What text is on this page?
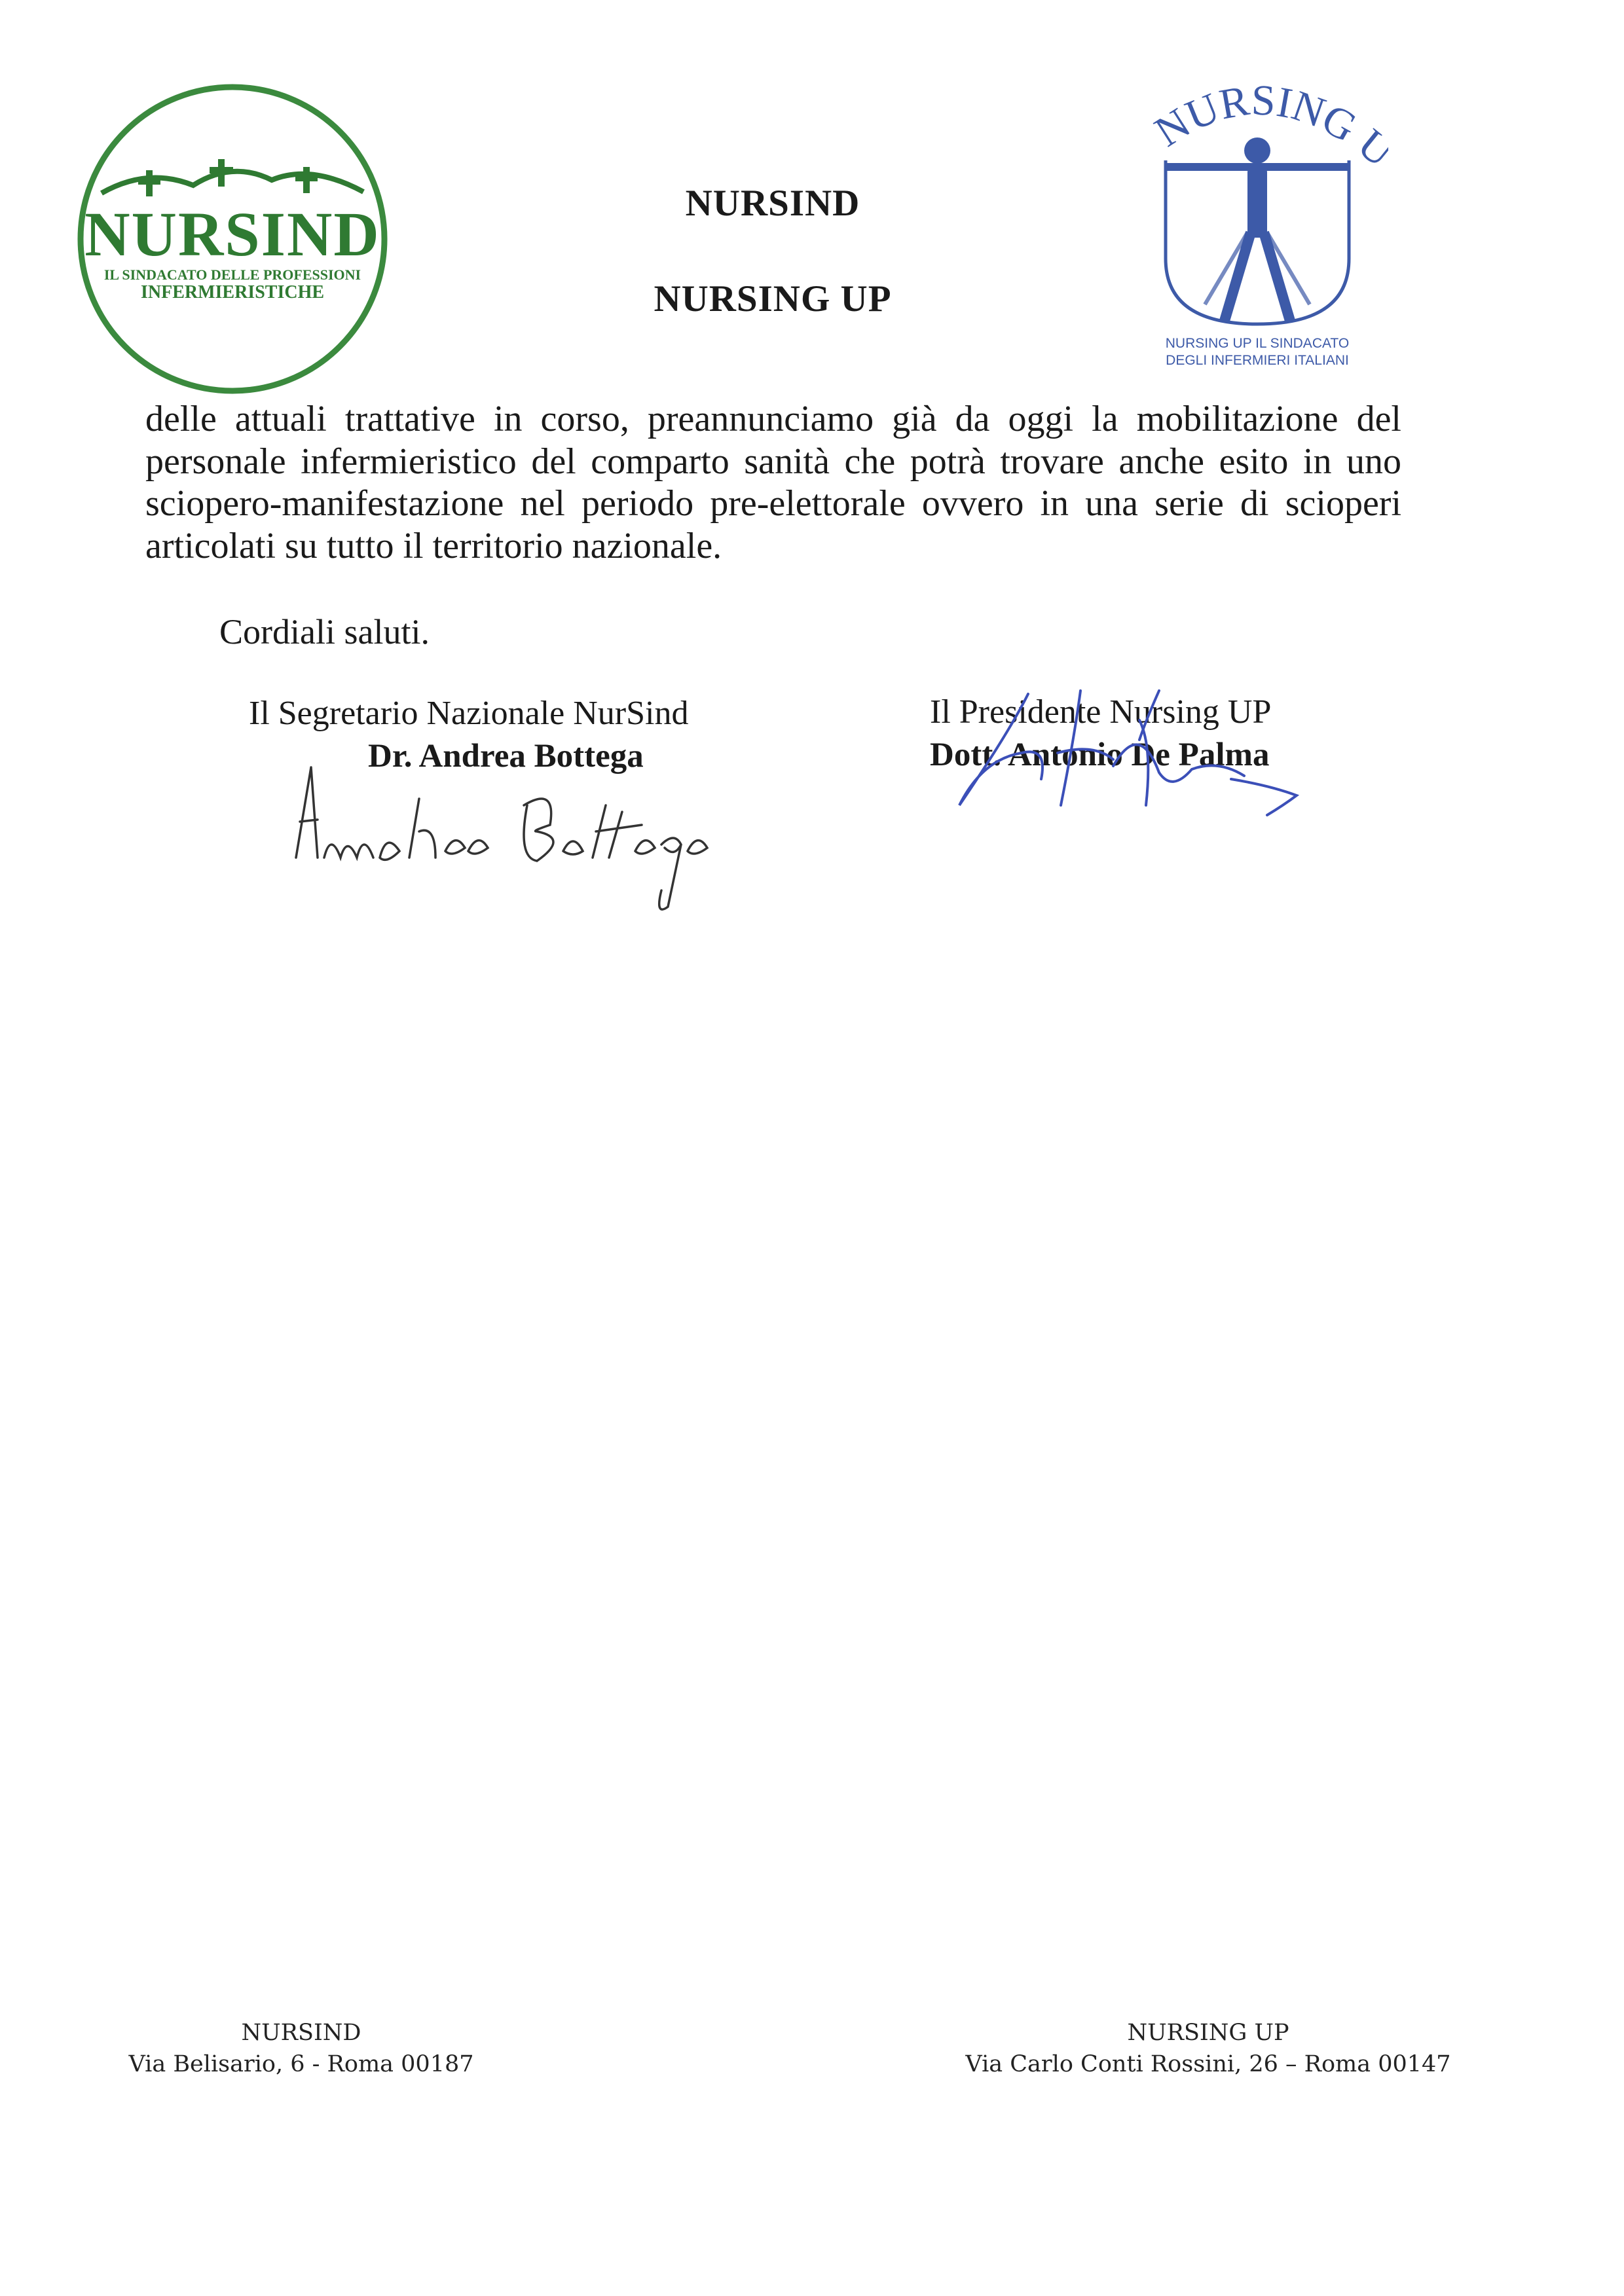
NURSIND
IL SINDACATO DELLE PROFESSIONI
INFERMIERISTICHE
NURSIND
NURSING UP
NURSING
NURSING UP IL SINDACATO
DEGLI INFERMIERI ITALIANI
delle attuali trattative in corso, preannunciamo già da oggi la mobilitazione del personale infermieristico del comparto sanità che potrà trovare anche esito in uno sciopero-manifestazione nel periodo pre-elettorale ovvero in una serie di scioperi articolati su tutto il territorio nazionale.
Cordiali saluti.
Il Segretario Nazionale NurSind
Dr. Andrea Bottega
Il Presidente Nursing UP
Dott. Antonio De Palma
NURSIND
Via Belisario, 6 - Roma 00187
NURSING UP
Via Carlo Conti Rossini, 26 – Roma 00147
